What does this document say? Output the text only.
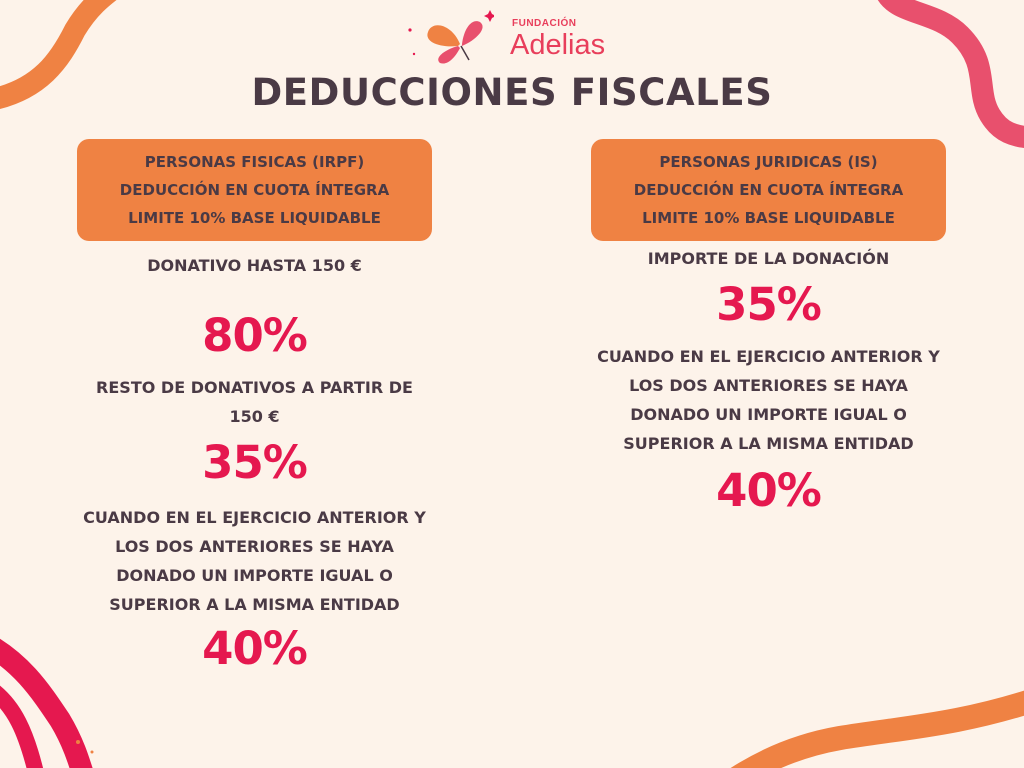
FUNDACIÓN
Adelias
DEDUCCIONES FISCALES
PERSONAS FISICAS (IRPF)
DEDUCCIÓN EN CUOTA ÍNTEGRA
LIMITE 10% BASE LIQUIDABLE
PERSONAS JURIDICAS (IS)
DEDUCCIÓN EN CUOTA ÍNTEGRA
LIMITE 10% BASE LIQUIDABLE
DONATIVO HASTA 150 €
80%
RESTO DE DONATIVOS A PARTIR DE
150 €
35%
CUANDO EN EL EJERCICIO ANTERIOR Y
LOS DOS ANTERIORES SE HAYA
DONADO UN IMPORTE IGUAL O
SUPERIOR A LA MISMA ENTIDAD
40%
IMPORTE DE LA DONACIÓN
35%
CUANDO EN EL EJERCICIO ANTERIOR Y
LOS DOS ANTERIORES SE HAYA
DONADO UN IMPORTE IGUAL O
SUPERIOR A LA MISMA ENTIDAD
40%
